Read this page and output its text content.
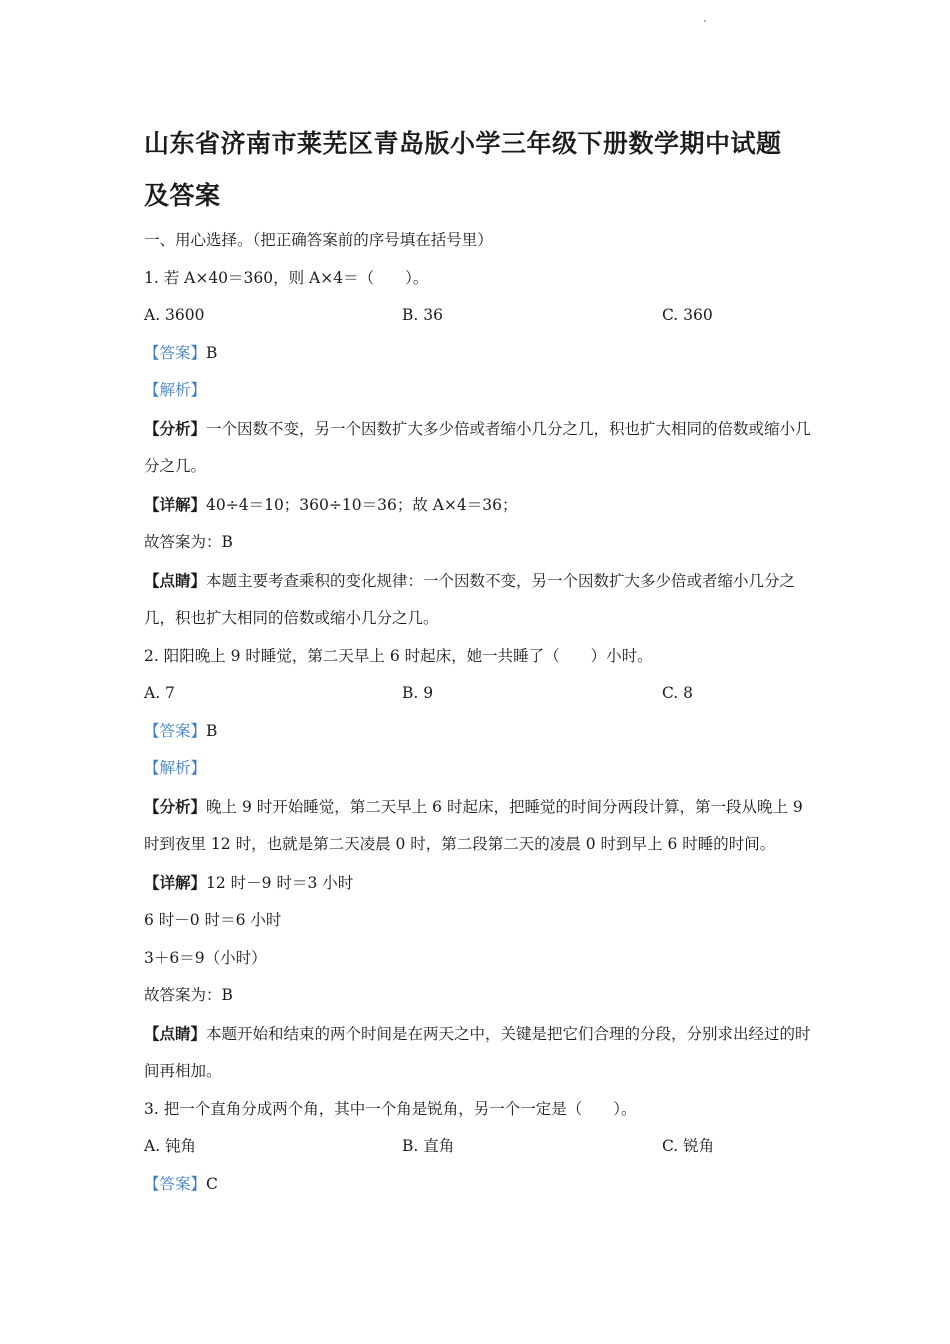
山东省济南市莱芜区青岛版小学三年级下册数学期中试题
及答案
一、用心选择。（把正确答案前的序号填在括号里）
1. 若 A×40＝360，则 A×4＝（　　）。
A. 3600	B. 36	C. 360
【答案】B
【解析】
【分析】一个因数不变，另一个因数扩大多少倍或者缩小几分之几，积也扩大相同的倍数或缩小几分之几。
【详解】40÷4＝10；360÷10＝36；故 A×4＝36；
故答案为：B
【点睛】本题主要考查乘积的变化规律：一个因数不变，另一个因数扩大多少倍或者缩小几分之几，积也扩大相同的倍数或缩小几分之几。
2. 阳阳晚上 9 时睡觉，第二天早上 6 时起床，她一共睡了（　　）小时。
A. 7	B. 9	C. 8
【答案】B
【解析】
【分析】晚上 9 时开始睡觉，第二天早上 6 时起床，把睡觉的时间分两段计算，第一段从晚上 9 时到夜里 12 时，也就是第二天凌晨 0 时，第二段第二天的凌晨 0 时到早上 6 时睡的时间。
【详解】12 时－9 时＝3 小时
6 时－0 时＝6 小时
3＋6＝9（小时）
故答案为：B
【点睛】本题开始和结束的两个时间是在两天之中，关键是把它们合理的分段，分别求出经过的时间再相加。
3. 把一个直角分成两个角，其中一个角是锐角，另一个一定是（　　）。
A. 钝角	B. 直角	C. 锐角
【答案】C
